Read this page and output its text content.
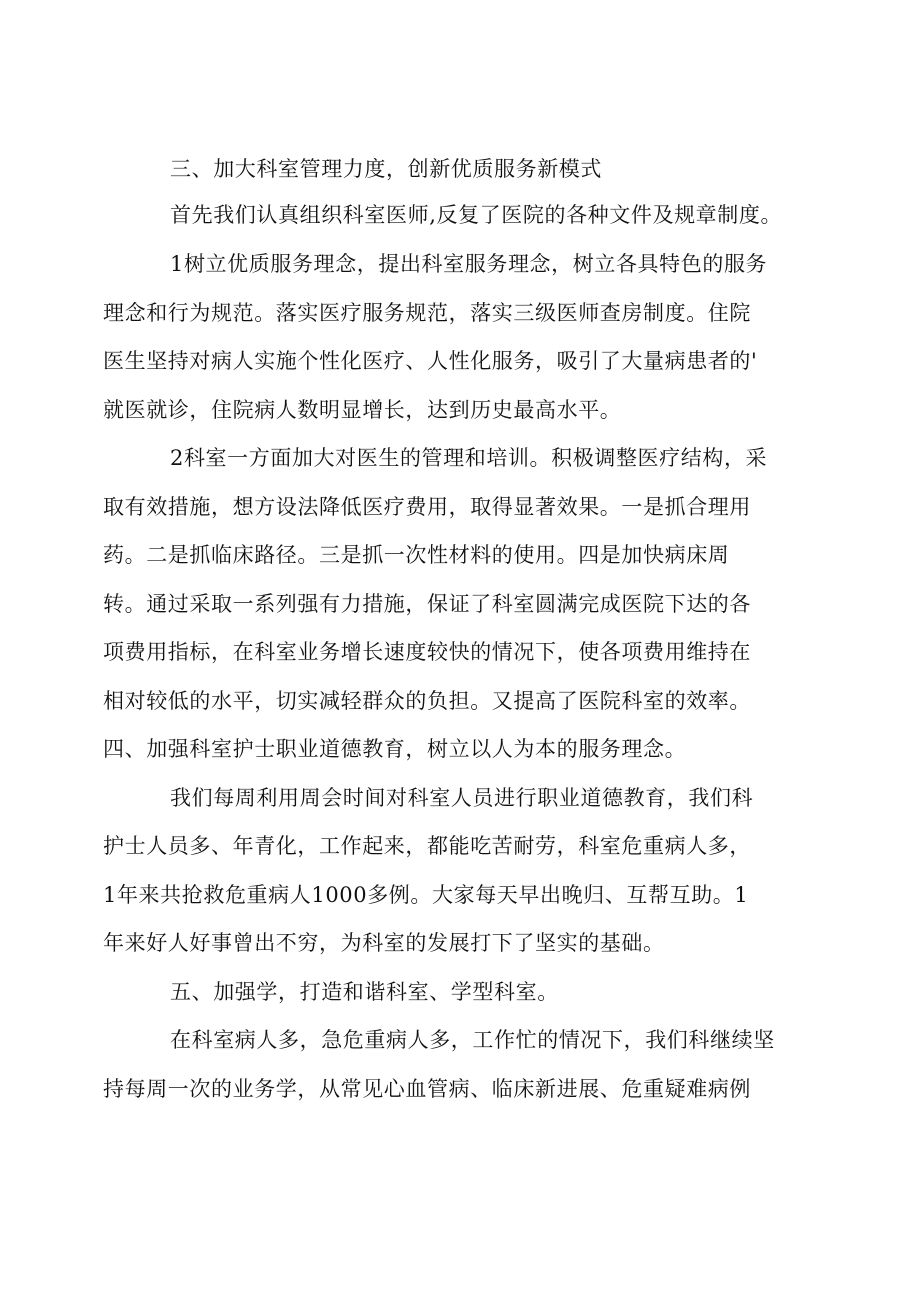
三、加大科室管理力度，创新优质服务新模式

首先我们认真组织科室医师,反复了医院的各种文件及规章制度。

1树立优质服务理念，提出科室服务理念，树立各具特色的服务

理念和行为规范。落实医疗服务规范，落实三级医师查房制度。住院

医生坚持对病人实施个性化医疗、人性化服务，吸引了大量病患者的'

就医就诊，住院病人数明显增长，达到历史最高水平。

2科室一方面加大对医生的管理和培训。积极调整医疗结构，采

取有效措施，想方设法降低医疗费用，取得显著效果。一是抓合理用

药。二是抓临床路径。三是抓一次性材料的使用。四是加快病床周

转。通过采取一系列强有力措施，保证了科室圆满完成医院下达的各

项费用指标，在科室业务增长速度较快的情况下，使各项费用维持在

相对较低的水平，切实减轻群众的负担。又提高了医院科室的效率。

四、加强科室护士职业道德教育，树立以人为本的服务理念。

我们每周利用周会时间对科室人员进行职业道德教育，我们科

护士人员多、年青化，工作起来，都能吃苦耐劳，科室危重病人多，

1年来共抢救危重病人1000多例。大家每天早出晚归、互帮互助。1

年来好人好事曾出不穷，为科室的发展打下了坚实的基础。

五、加强学，打造和谐科室、学型科室。

在科室病人多，急危重病人多，工作忙的情况下，我们科继续坚

持每周一次的业务学，从常见心血管病、临床新进展、危重疑难病例
